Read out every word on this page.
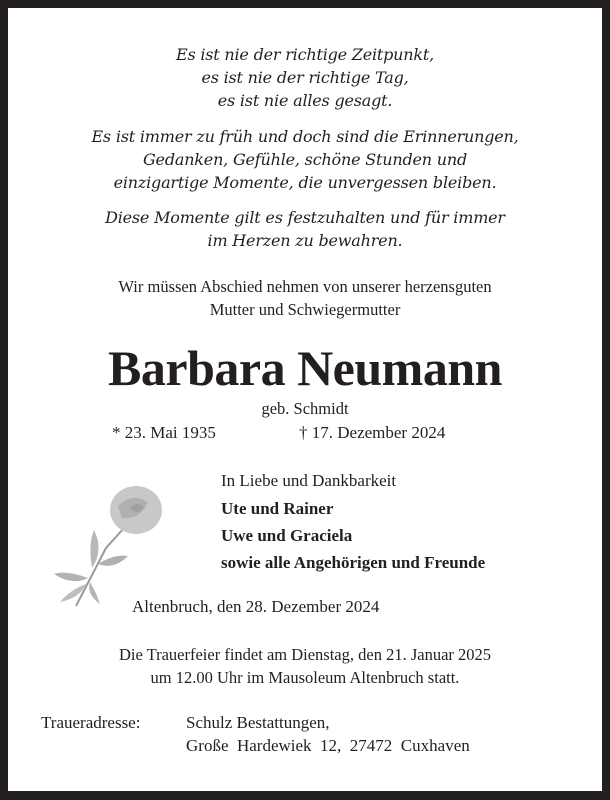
Es ist nie der richtige Zeitpunkt,
es ist nie der richtige Tag,
es ist nie alles gesagt.
Es ist immer zu früh und doch sind die Erinnerungen,
Gedanken, Gefühle, schöne Stunden und
einzigartige Momente, die unvergessen bleiben.
Diese Momente gilt es festzuhalten und für immer
im Herzen zu bewahren.
Wir müssen Abschied nehmen von unserer herzensguten
Mutter und Schwiegermutter
Barbara Neumann
geb. Schmidt
* 23. Mai 1935	† 17. Dezember 2024
In Liebe und Dankbarkeit
Ute und Rainer
Uwe und Graciela
sowie alle Angehörigen und Freunde
Altenbruch, den 28. Dezember 2024
Die Trauerfeier findet am Dienstag, den 21. Januar 2025
um 12.00 Uhr im Mausoleum Altenbruch statt.
Traueradresse:	Schulz Bestattungen,
Große  Hardewiek  12,  27472  Cuxhaven
